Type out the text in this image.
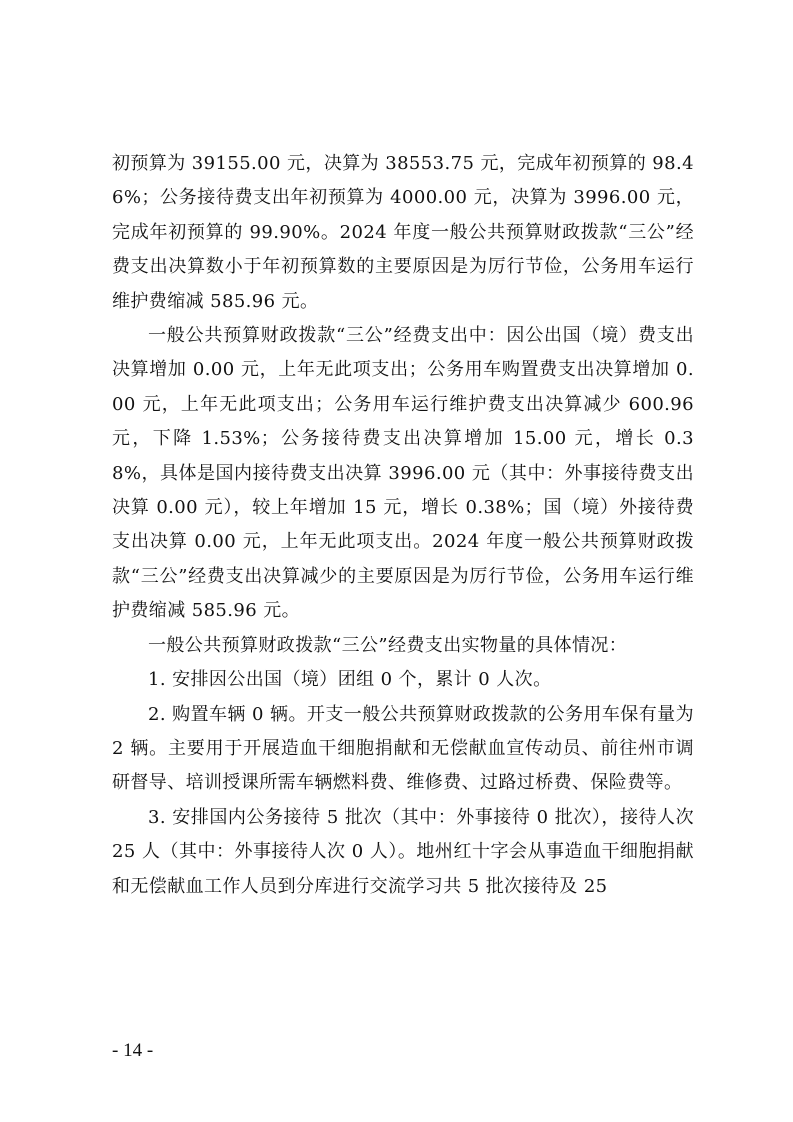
初预算为 39155.00 元，决算为 38553.75 元，完成年初预算的 98.46%；公务接待费支出年初预算为 4000.00 元，决算为 3996.00 元，完成年初预算的 99.90%。2024 年度一般公共预算财政拨款“三公”经费支出决算数小于年初预算数的主要原因是为厉行节俭，公务用车运行维护费缩减 585.96 元。

一般公共预算财政拨款“三公”经费支出中：因公出国（境）费支出决算增加 0.00 元，上年无此项支出；公务用车购置费支出决算增加 0.00 元，上年无此项支出；公务用车运行维护费支出决算减少 600.96 元，下降 1.53%；公务接待费支出决算增加 15.00 元，增长 0.38%，具体是国内接待费支出决算 3996.00 元（其中：外事接待费支出决算 0.00 元），较上年增加 15 元，增长 0.38%；国（境）外接待费支出决算 0.00 元，上年无此项支出。2024 年度一般公共预算财政拨款“三公”经费支出决算减少的主要原因是为厉行节俭，公务用车运行维护费缩减 585.96 元。

一般公共预算财政拨款“三公”经费支出实物量的具体情况：

1. 安排因公出国（境）团组 0 个，累计 0 人次。

2. 购置车辆 0 辆。开支一般公共预算财政拨款的公务用车保有量为 2 辆。主要用于开展造血干细胞捐献和无偿献血宣传动员、前往州市调研督导、培训授课所需车辆燃料费、维修费、过路过桥费、保险费等。

3. 安排国内公务接待 5 批次（其中：外事接待 0 批次），接待人次 25 人（其中：外事接待人次 0 人）。地州红十字会从事造血干细胞捐献和无偿献血工作人员到分库进行交流学习共 5 批次接待及 25

- 14 -
